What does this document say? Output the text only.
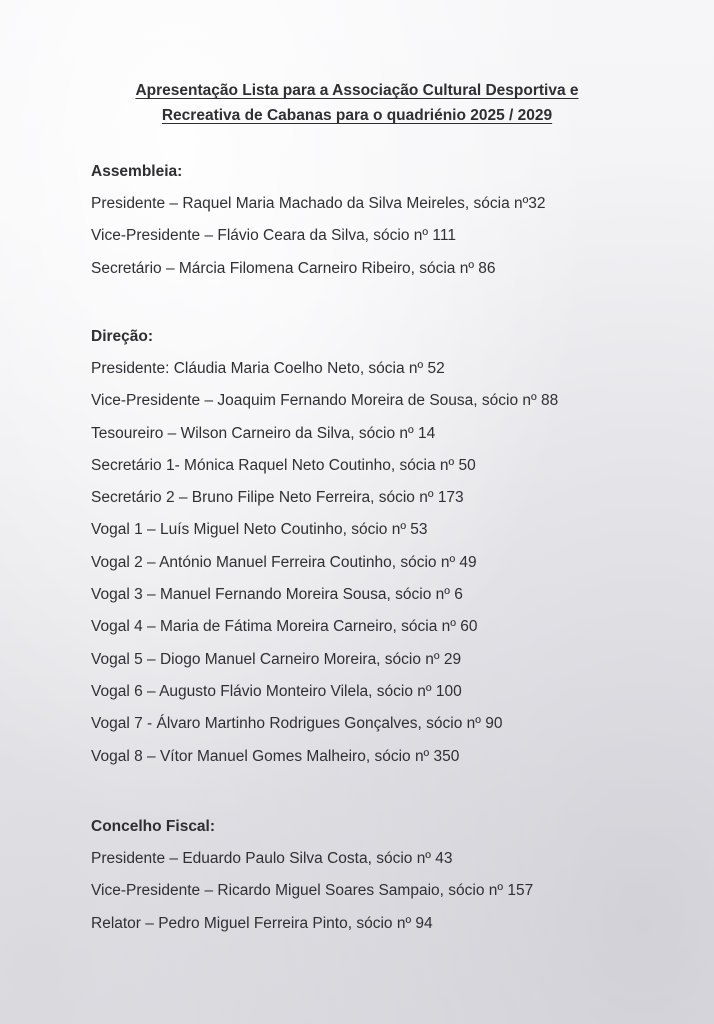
Apresentação Lista para a Associação Cultural Desportiva e
Recreativa de Cabanas para o quadriénio 2025 / 2029
Assembleia:
Presidente – Raquel Maria Machado da Silva Meireles, sócia nº32
Vice-Presidente – Flávio Ceara da Silva, sócio nº 111
Secretário – Márcia Filomena Carneiro Ribeiro, sócia nº 86
Direção:
Presidente: Cláudia Maria Coelho Neto, sócia nº 52
Vice-Presidente – Joaquim Fernando Moreira de Sousa, sócio nº 88
Tesoureiro – Wilson Carneiro da Silva, sócio nº 14
Secretário 1- Mónica Raquel Neto Coutinho, sócia nº 50
Secretário 2 – Bruno Filipe Neto Ferreira, sócio nº 173
Vogal 1 – Luís Miguel Neto Coutinho, sócio nº 53
Vogal 2 – António Manuel Ferreira Coutinho, sócio nº 49
Vogal 3 – Manuel Fernando Moreira Sousa, sócio nº 6
Vogal 4 – Maria de Fátima Moreira Carneiro, sócia nº 60
Vogal 5 – Diogo Manuel Carneiro Moreira, sócio nº 29
Vogal 6 – Augusto Flávio Monteiro Vilela, sócio nº 100
Vogal 7 - Álvaro Martinho Rodrigues Gonçalves, sócio nº 90
Vogal 8 – Vítor Manuel Gomes Malheiro, sócio nº 350
Concelho Fiscal:
Presidente – Eduardo Paulo Silva Costa, sócio nº 43
Vice-Presidente – Ricardo Miguel Soares Sampaio, sócio nº 157
Relator – Pedro Miguel Ferreira Pinto, sócio nº 94
